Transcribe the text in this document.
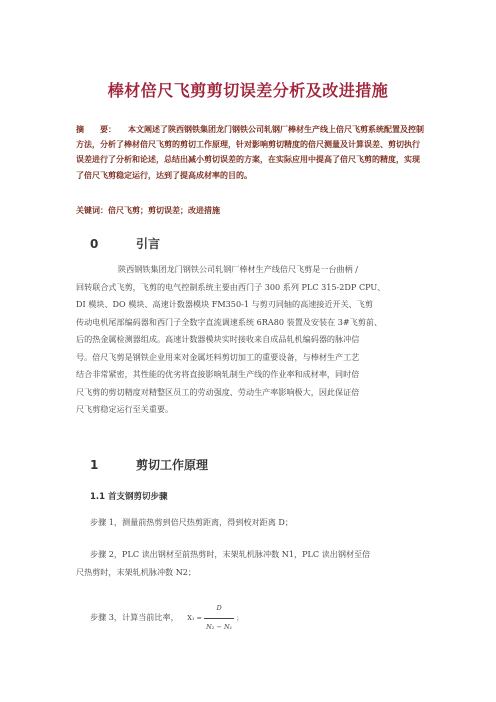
棒材倍尺飞剪剪切误差分析及改进措施
摘　　要： 本文阐述了陕西钢铁集团龙门钢铁公司轧钢厂棒材生产线上倍尺飞剪系统配置及控制方法，分析了棒材倍尺飞剪的剪切工作原理，针对影响剪切精度的倍尺测量及计算误差、剪切执行误差进行了分析和论述，总结出减小剪切误差的方案，在实际应用中提高了倍尺飞剪的精度，实现了倍尺飞剪稳定运行，达到了提高成材率的目的。
关键词：倍尺飞剪；剪切误差；改进措施
0	引言
陕西钢铁集团龙门钢铁公司轧钢厂棒材生产线倍尺飞剪是一台曲柄 /
回转联合式飞剪，飞剪的电气控制系统主要由西门子 300 系列 PLC 315-2DP CPU、
DI 模块、DO 模块、高速计数器模块 FM350-1 与剪刃同轴的高速接近开关、飞剪
传动电机尾部编码器和西门子全数字直流调速系统 6RA80 装置及安装在 3#飞剪前、
后的热金属检测器组成。高速计数器模块实时接收来自成品轧机编码器的脉冲信
号。倍尺飞剪是钢铁企业用来对金属坯料剪切加工的重要设备，与棒材生产工艺
结合非常紧密，其性能的优劣将直接影响轧制生产线的作业率和成材率，同时倍
尺飞剪的剪切精度对精整区员工的劳动强度、劳动生产率影响极大，因此保证倍
尺飞剪稳定运行至关重要。
1	剪切工作原理
1.1 首支钢剪切步骤
步骤 1，测量前热剪到倍尺热剪距离，得到校对距离 D；
步骤 2，PLC 读出钢材至前热剪时，末架轧机脉冲数 N1，PLC 读出钢材至倍
尺热剪时，末架轧机脉冲数 N2；
步骤 3，计算当前比率， $X_1 = \frac{D}{\text{N₂ − N₁}}$ ；
